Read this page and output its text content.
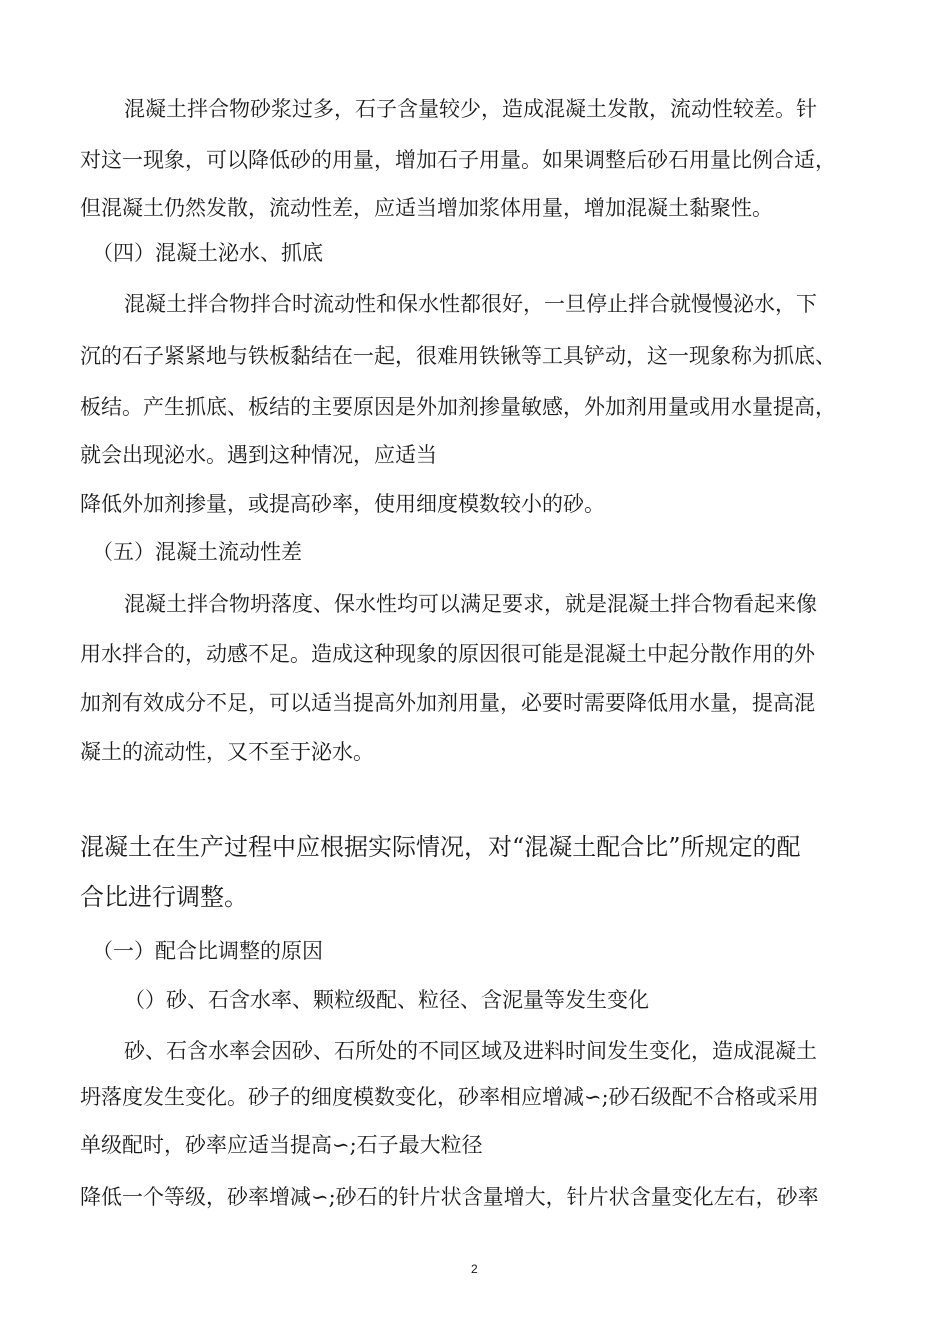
混凝土拌合物砂浆过多，石子含量较少，造成混凝土发散，流动性较差。针
对这一现象，可以降低砂的用量，增加石子用量。如果调整后砂石用量比例合适，
但混凝土仍然发散，流动性差，应适当增加浆体用量，增加混凝土黏聚性。
（四）混凝土泌水、抓底
混凝土拌合物拌合时流动性和保水性都很好，一旦停止拌合就慢慢泌水，下
沉的石子紧紧地与铁板黏结在一起，很难用铁锹等工具铲动，这一现象称为抓底、
板结。产生抓底、板结的主要原因是外加剂掺量敏感，外加剂用量或用水量提高，
就会出现泌水。遇到这种情况，应适当
降低外加剂掺量，或提高砂率，使用细度模数较小的砂。
（五）混凝土流动性差
混凝土拌合物坍落度、保水性均可以满足要求，就是混凝土拌合物看起来像
用水拌合的，动感不足。造成这种现象的原因很可能是混凝土中起分散作用的外
加剂有效成分不足，可以适当提高外加剂用量，必要时需要降低用水量，提高混
凝土的流动性，又不至于泌水。
混凝土在生产过程中应根据实际情况，对“混凝土配合比”所规定的配
合比进行调整。
（一）配合比调整的原因
（）砂、石含水率、颗粒级配、粒径、含泥量等发生变化
砂、石含水率会因砂、石所处的不同区域及进料时间发生变化，造成混凝土
坍落度发生变化。砂子的细度模数变化，砂率相应增减∽;砂石级配不合格或采用
单级配时，砂率应适当提高∽;石子最大粒径
降低一个等级，砂率增减∽;砂石的针片状含量增大，针片状含量变化左右，砂率
2
